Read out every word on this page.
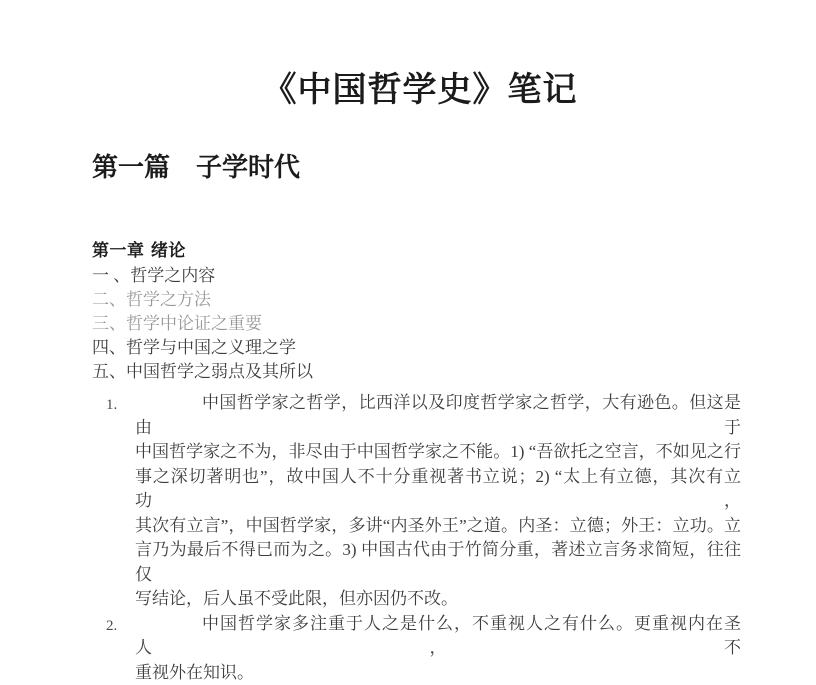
《中国哲学史》笔记
第一篇　子学时代
第一章 绪论
一 、哲学之内容
二、哲学之方法
三、哲学中论证之重要
四、哲学与中国之义理之学
五、中国哲学之弱点及其所以
1.	中国哲学家之哲学，比西洋以及印度哲学家之哲学，大有逊色。但这是由于
中国哲学家之不为，非尽由于中国哲学家之不能。1) “吾欲托之空言，不如见之行
事之深切著明也”，故中国人不十分重视著书立说；2) “太上有立德，其次有立功，
其次有立言”，中国哲学家，多讲“内圣外王”之道。内圣：立德；外王：立功。立
言乃为最后不得已而为之。3) 中国古代由于竹简分重，著述立言务求简短，往往仅
写结论，后人虽不受此限，但亦因仍不改。
2.	中国哲学家多注重于人之是什么，不重视人之有什么。更重视内在圣人，不
重视外在知识。
